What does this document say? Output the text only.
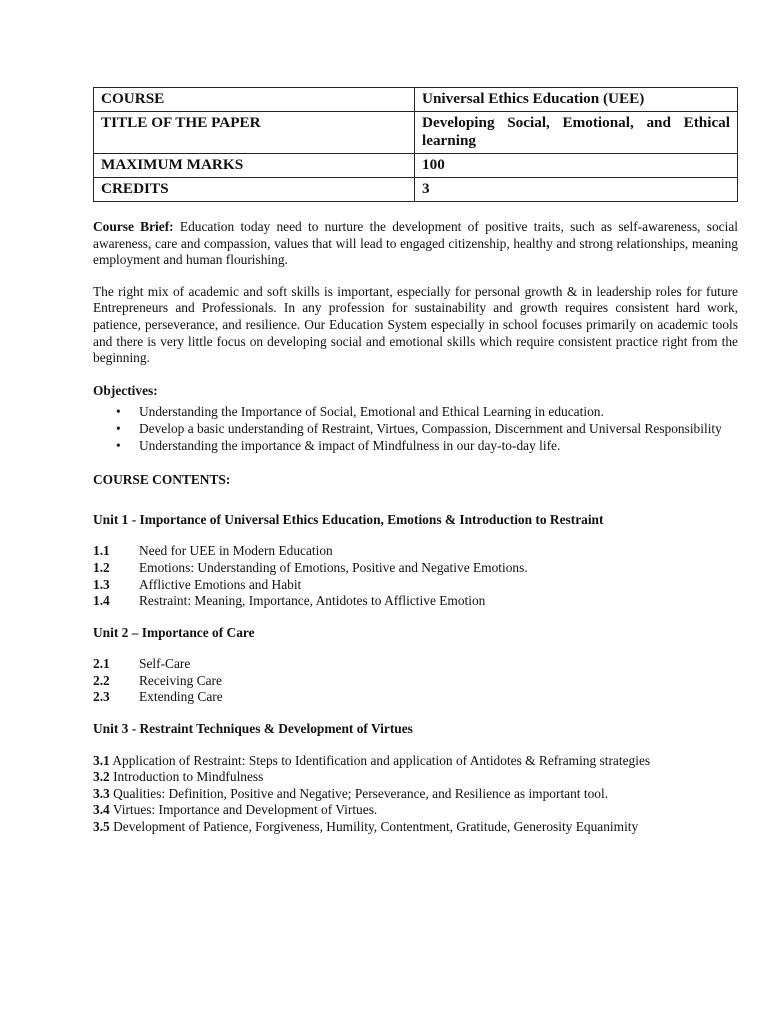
COURSE	Universal Ethics Education (UEE)
TITLE OF THE PAPER	Developing Social, Emotional, and Ethical learning
MAXIMUM MARKS	100
CREDITS	3

Course Brief: Education today need to nurture the development of positive traits, such as self-awareness, social awareness, care and compassion, values that will lead to engaged citizenship, healthy and strong relationships, meaning employment and human flourishing.

The right mix of academic and soft skills is important, especially for personal growth & in leadership roles for future Entrepreneurs and Professionals. In any profession for sustainability and growth requires consistent hard work, patience, perseverance, and resilience. Our Education System especially in school focuses primarily on academic tools and there is very little focus on developing social and emotional skills which require consistent practice right from the beginning.

Objectives:
• Understanding the Importance of Social, Emotional and Ethical Learning in education.
• Develop a basic understanding of Restraint, Virtues, Compassion, Discernment and Universal Responsibility
• Understanding the importance & impact of Mindfulness in our day-to-day life.
COURSE CONTENTS:
Unit 1 - Importance of Universal Ethics Education, Emotions & Introduction to Restraint
1.1	Need for UEE in Modern Education
1.2	Emotions: Understanding of Emotions, Positive and Negative Emotions.
1.3	Afflictive Emotions and Habit
1.4	Restraint: Meaning, Importance, Antidotes to Afflictive Emotion
Unit 2 – Importance of Care
2.1	Self-Care
2.2	Receiving Care
2.3	Extending Care
Unit 3 - Restraint Techniques & Development of Virtues
3.1 Application of Restraint: Steps to Identification and application of Antidotes & Reframing strategies
3.2 Introduction to Mindfulness
3.3 Qualities: Definition, Positive and Negative; Perseverance, and Resilience as important tool.
3.4 Virtues: Importance and Development of Virtues.
3.5 Development of Patience, Forgiveness, Humility, Contentment, Gratitude, Generosity Equanimity
